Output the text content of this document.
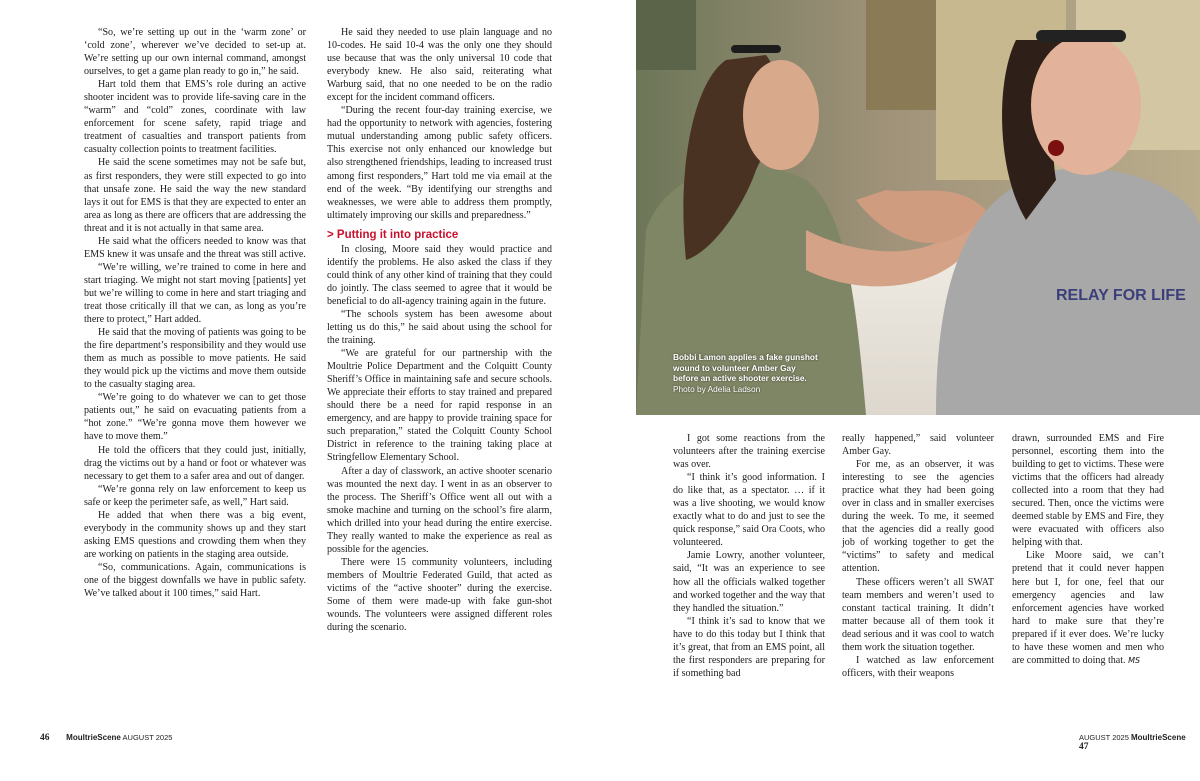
“So, we’re setting up out in the ‘warm zone’ or ‘cold zone’, wherever we’ve decided to set-up at. We’re setting up our own internal command, amongst ourselves, to get a game plan ready to go in,” he said.

Hart told them that EMS’s role during an active shooter incident was to provide life-saving care in the “warm” and “cold” zones, coordinate with law enforcement for scene safety, rapid triage and treatment of casualties and transport patients from casualty collection points to treatment facilities.

He said the scene sometimes may not be safe but, as first responders, they were still expected to go into that unsafe zone. He said the way the new standard lays it out for EMS is that they are expected to enter an area as long as there are officers that are addressing the threat and it is not actually in that same area.

He said what the officers needed to know was that EMS knew it was unsafe and the threat was still active.

“We’re willing, we’re trained to come in here and start triaging. We might not start moving [patients] yet but we’re willing to come in here and start triaging and treat those critically ill that we can, as long as you’re there to protect,” Hart added.

He said that the moving of patients was going to be the fire department’s responsibility and they would use them as much as possible to move patients. He said they would pick up the victims and move them outside to the casualty staging area.

“We’re going to do whatever we can to get those patients out,” he said on evacuating patients from a “hot zone.” “We’re gonna move them however we have to move them.”

He told the officers that they could just, initially, drag the victims out by a hand or foot or whatever was necessary to get them to a safer area and out of danger.

“We’re gonna rely on law enforcement to keep us safe or keep the perimeter safe, as well,” Hart said.

He added that when there was a big event, everybody in the community shows up and they start asking EMS questions and crowding them when they are working on patients in the staging area outside.

“So, communications. Again, communications is one of the biggest downfalls we have in public safety. We’ve talked about it 100 times,” said Hart.

He said they needed to use plain language and no 10-codes. He said 10-4 was the only one they should use because that was the only universal 10 code that everybody knew. He also said, reiterating what Warburg said, that no one needed to be on the radio except for the incident command officers.

“During the recent four-day training exercise, we had the opportunity to network with agencies, fostering mutual understanding among public safety officers. This exercise not only enhanced our knowledge but also strengthened friendships, leading to increased trust among first responders,” Hart told me via email at the end of the week. “By identifying our strengths and weaknesses, we were able to address them promptly, ultimately improving our skills and preparedness.”

> Putting it into practice

In closing, Moore said they would practice and identify the problems. He also asked the class if they could think of any other kind of training that they could do jointly. The class seemed to agree that it would be beneficial to do all-agency training again in the future.

“The schools system has been awesome about letting us do this,” he said about using the school for the training.

“We are grateful for our partnership with the Moultrie Police Department and the Colquitt County Sheriff’s Office in maintaining safe and secure schools. We appreciate their efforts to stay trained and prepared should there be a need for rapid response in an emergency, and are happy to provide training space for such preparation,” stated the Colquitt County School District in reference to the training taking place at Stringfellow Elementary School.

After a day of classwork, an active shooter scenario was mounted the next day. I went in as an observer to the process. The Sheriff’s Office went all out with a smoke machine and turning on the school’s fire alarm, which drilled into your head during the entire exercise. They really wanted to make the experience as real as possible for the agencies.

There were 15 community volunteers, including members of Moultrie Federated Guild, that acted as victims of the “active shooter” during the exercise. Some of them were made-up with fake gun-shot wounds. The volunteers were assigned different roles during the scenario.

RELAY FOR LIFE
Bobbi Lamon applies a fake gunshot wound to volunteer Amber Gay before an active shooter exercise.
Photo by Adelia Ladson

I got some reactions from the volunteers after the training exercise was over.

“I think it’s good information. I do like that, as a spectator. … if it was a live shooting, we would know exactly what to do and just to see the quick response,” said Ora Coots, who volunteered.

Jamie Lowry, another volunteer, said, “It was an experience to see how all the officials walked together and worked together and the way that they handled the situation.”

“I think it’s sad to know that we have to do this today but I think that it’s great, that from an EMS point, all the first responders are preparing for if something bad

really happened,” said volunteer Amber Gay.

For me, as an observer, it was interesting to see the agencies practice what they had been going over in class and in smaller exercises during the week. To me, it seemed that the agencies did a really good job of working together to get the “victims” to safety and medical attention.

These officers weren’t all SWAT team members and weren’t used to constant tactical training. It didn’t matter because all of them took it dead serious and it was cool to watch them work the situation together.

I watched as law enforcement officers, with their weapons

drawn, surrounded EMS and Fire personnel, escorting them into the building to get to victims. These were victims that the officers had already collected into a room that they had secured. Then, once the victims were deemed stable by EMS and Fire, they were evacuated with officers also helping with that.

Like Moore said, we can’t pretend that it could never happen here but I, for one, feel that our emergency agencies and law enforcement agencies have worked hard to make sure that they’re prepared if it ever does. We’re lucky to have these women and men who are committed to doing that. MS

46 MoultrieScene AUGUST 2025	AUGUST 2025 MoultrieScene       47
